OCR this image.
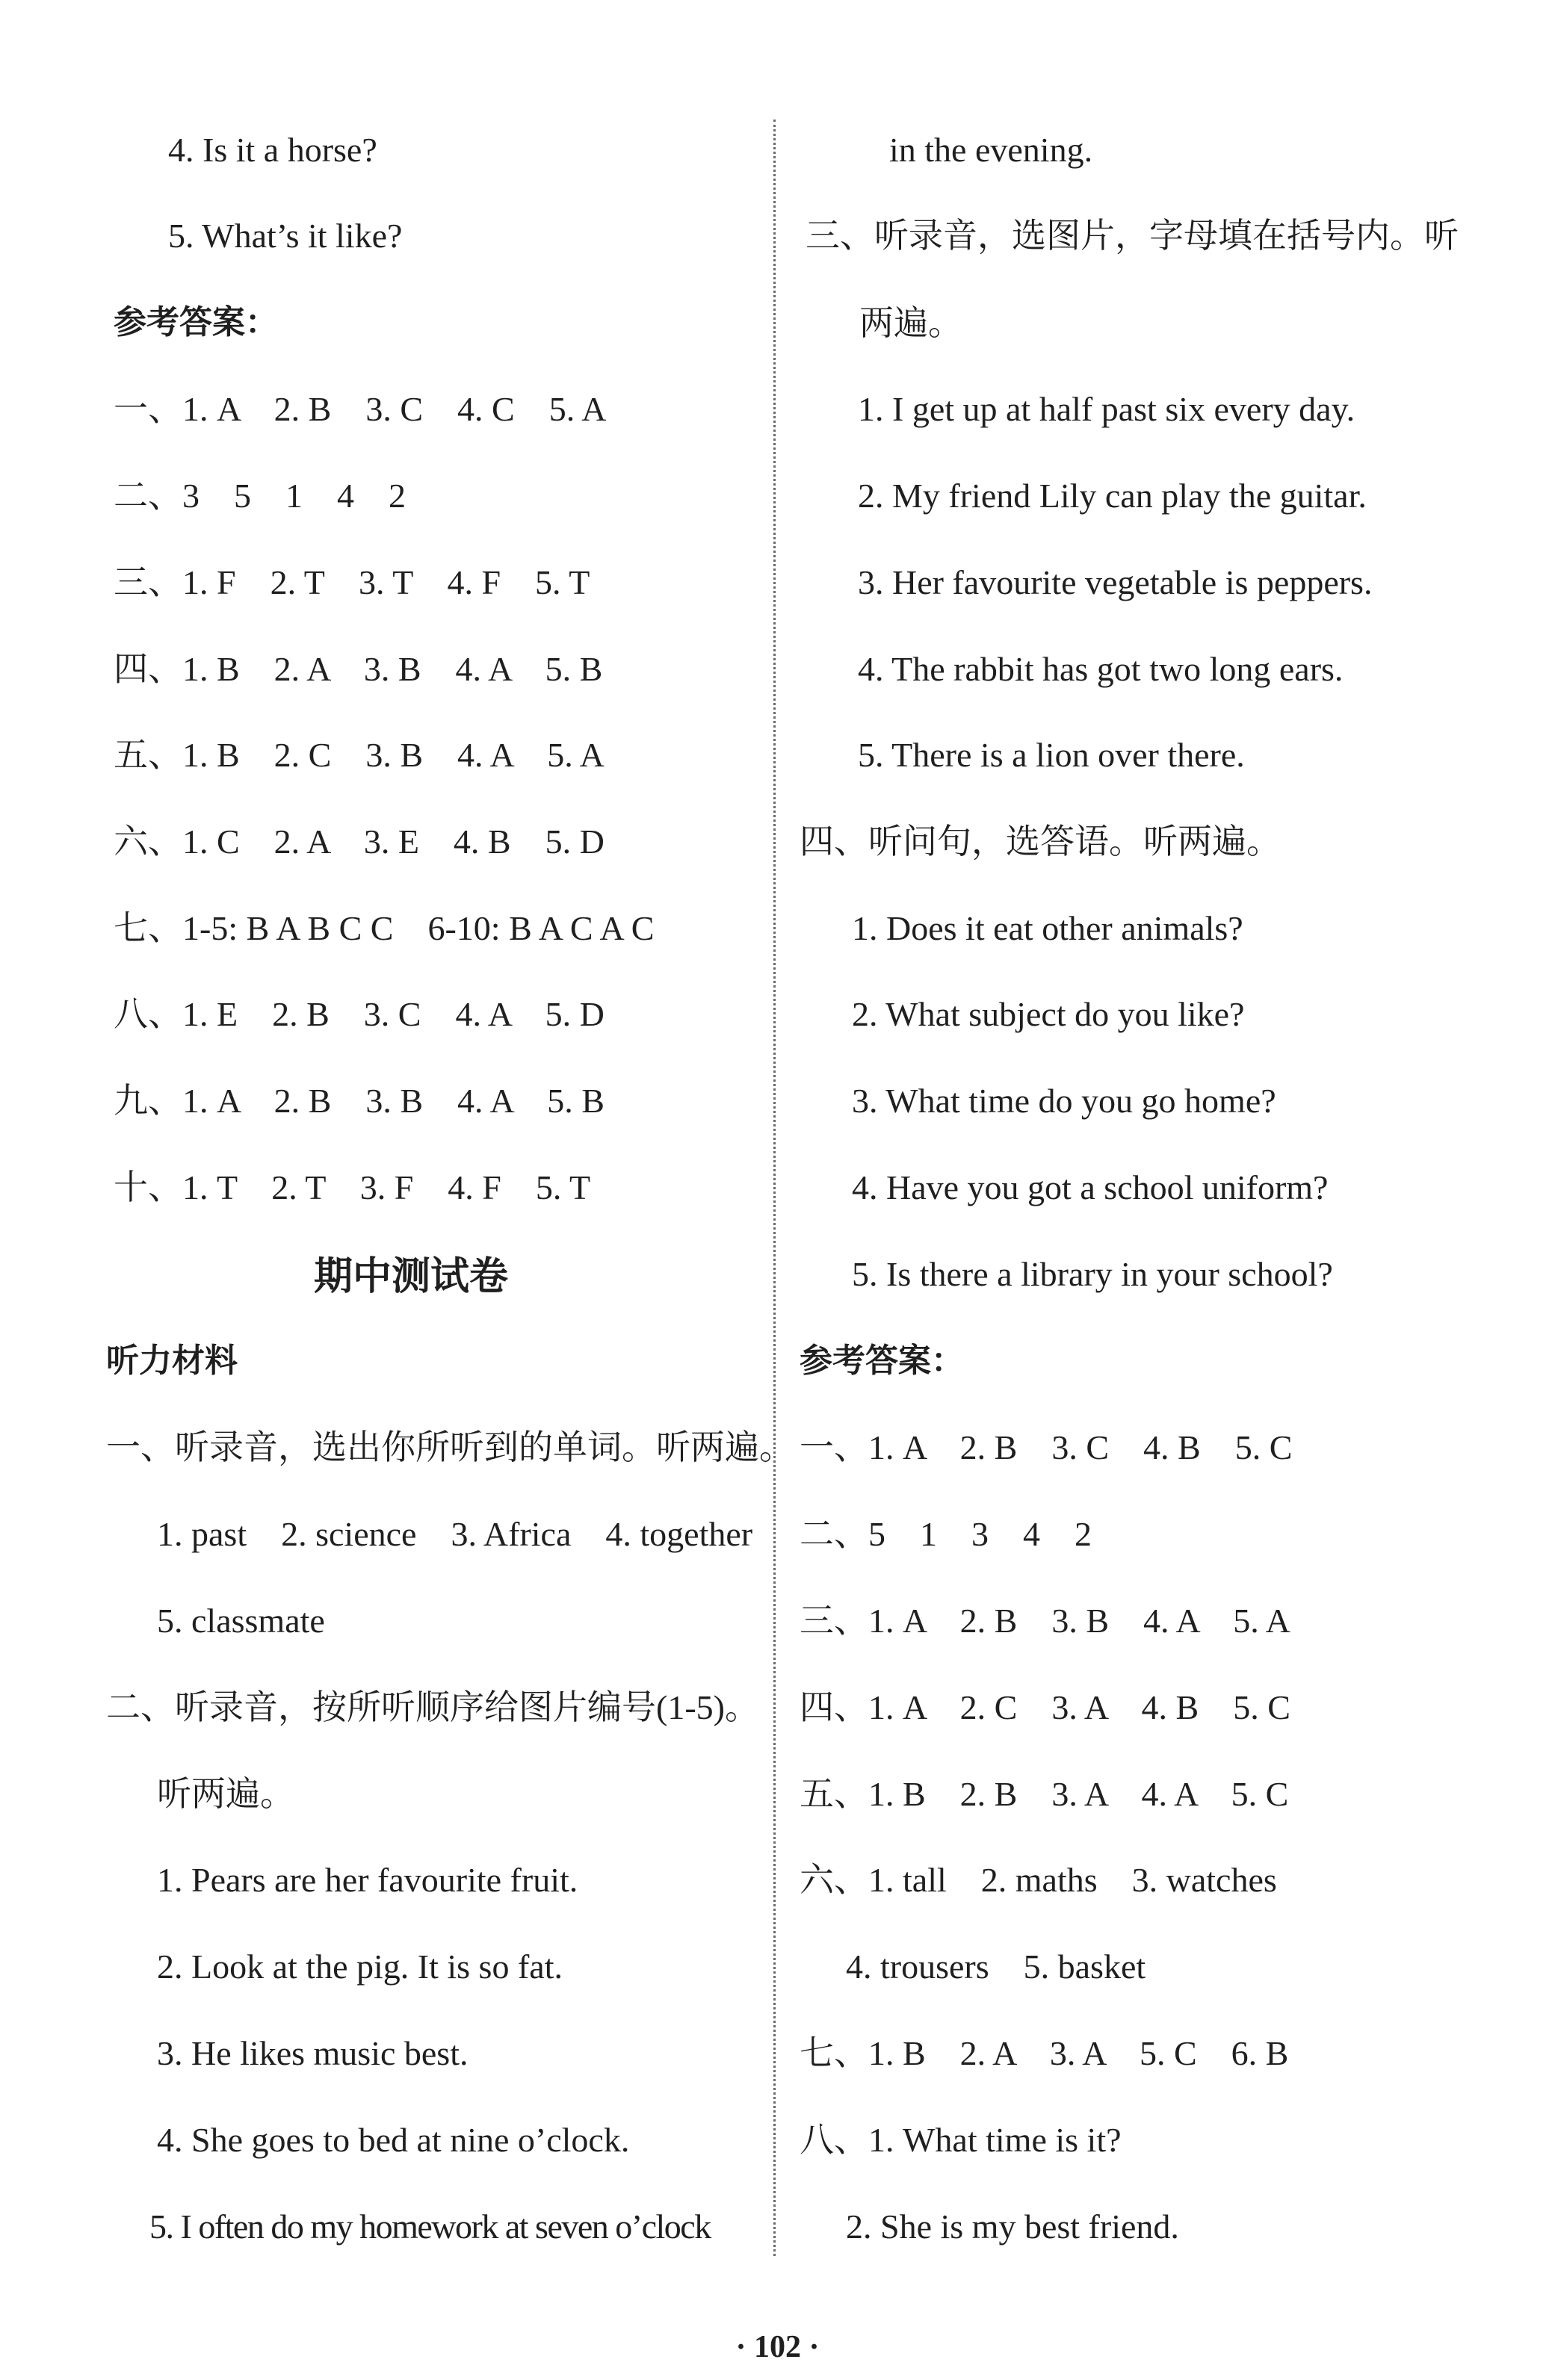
4. Is it a horse?
5. What’s it like?
参考答案：
一、1. A　2. B　3. C　4. C　5. A
二、3　5　1　4　2
三、1. F　2. T　3. T　4. F　5. T
四、1. B　2. A　3. B　4. A　5. B
五、1. B　2. C　3. B　4. A　5. A
六、1. C　2. A　3. E　4. B　5. D
七、1-5: B A B C C　6-10: B A C A C
八、1. E　2. B　3. C　4. A　5. D
九、1. A　2. B　3. B　4. A　5. B
十、1. T　2. T　3. F　4. F　5. T
期中测试卷
听力材料
一、听录音，选出你所听到的单词。听两遍。
1. past　2. science　3. Africa　4. together
5. classmate
二、听录音，按所听顺序给图片编号(1-5)。
听两遍。
1. Pears are her favourite fruit.
2. Look at the pig. It is so fat.
3. He likes music best.
4. She goes to bed at nine o’clock.
5. I often do my homework at seven o’clock
in the evening.
三、听录音，选图片，字母填在括号内。听
两遍。
1. I get up at half past six every day.
2. My friend Lily can play the guitar.
3. Her favourite vegetable is peppers.
4. The rabbit has got two long ears.
5. There is a lion over there.
四、听问句，选答语。听两遍。
1. Does it eat other animals?
2. What subject do you like?
3. What time do you go home?
4. Have you got a school uniform?
5. Is there a library in your school?
参考答案：
一、1. A　2. B　3. C　4. B　5. C
二、5　1　3　4　2
三、1. A　2. B　3. B　4. A　5. A
四、1. A　2. C　3. A　4. B　5. C
五、1. B　2. B　3. A　4. A　5. C
六、1. tall　2. maths　3. watches
4. trousers　5. basket
七、1. B　2. A　3. A　5. C　6. B
八、1. What time is it?
2. She is my best friend.
· 102 ·
